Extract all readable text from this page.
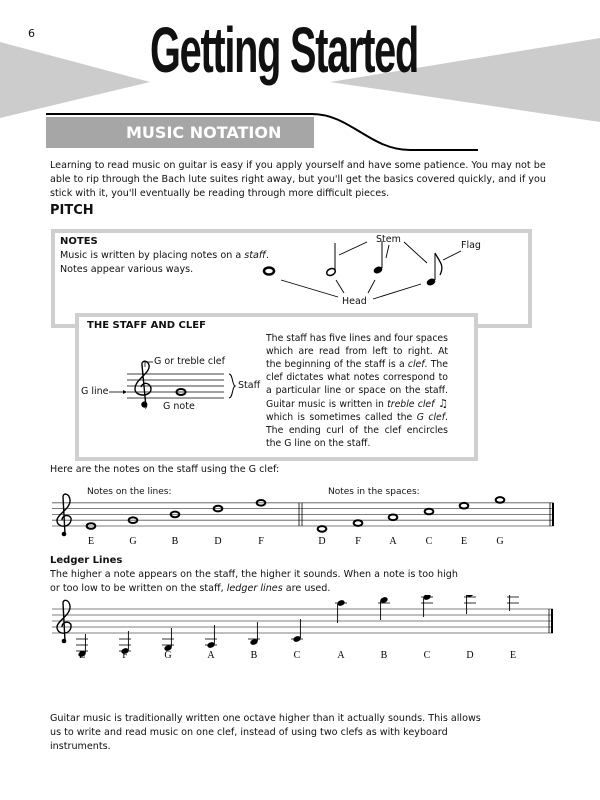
6 Getting Started
MUSIC NOTATION

Learning to read music on guitar is easy if you apply yourself and have some patience. You may not be able to rip through the Bach lute suites right away, but you'll get the basics covered quickly, and if you stick with it, you'll eventually be reading through more difficult pieces.

PITCH
NOTES
Music is written by placing notes on a staff.
Notes appear various ways.
Stem
Flag
Head
THE STAFF AND CLEF
G or treble clef
G line
Staff
G note
The staff has five lines and four spaces which are read from left to right. At the beginning of the staff is a clef. The clef dictates what notes correspond to a particular line or space on the staff. Guitar music is written in treble clef ♫ which is sometimes called the G clef. The ending curl of the clef encircles the G line on the staff.
Here are the notes on the staff using the G clef:
Notes on the lines:	Notes in the spaces:
E	G	B	D	F	D	F	A	C	E	G
Ledger Lines

The higher a note appears on the staff, the higher it sounds. When a note is too high or too low to be written on the staff, ledger lines are used.

E	F	G	A	B	C	A	B	C	D	E

Guitar music is traditionally written one octave higher than it actually sounds. This allows us to write and read music on one clef, instead of using two clefs as with keyboard instruments.
